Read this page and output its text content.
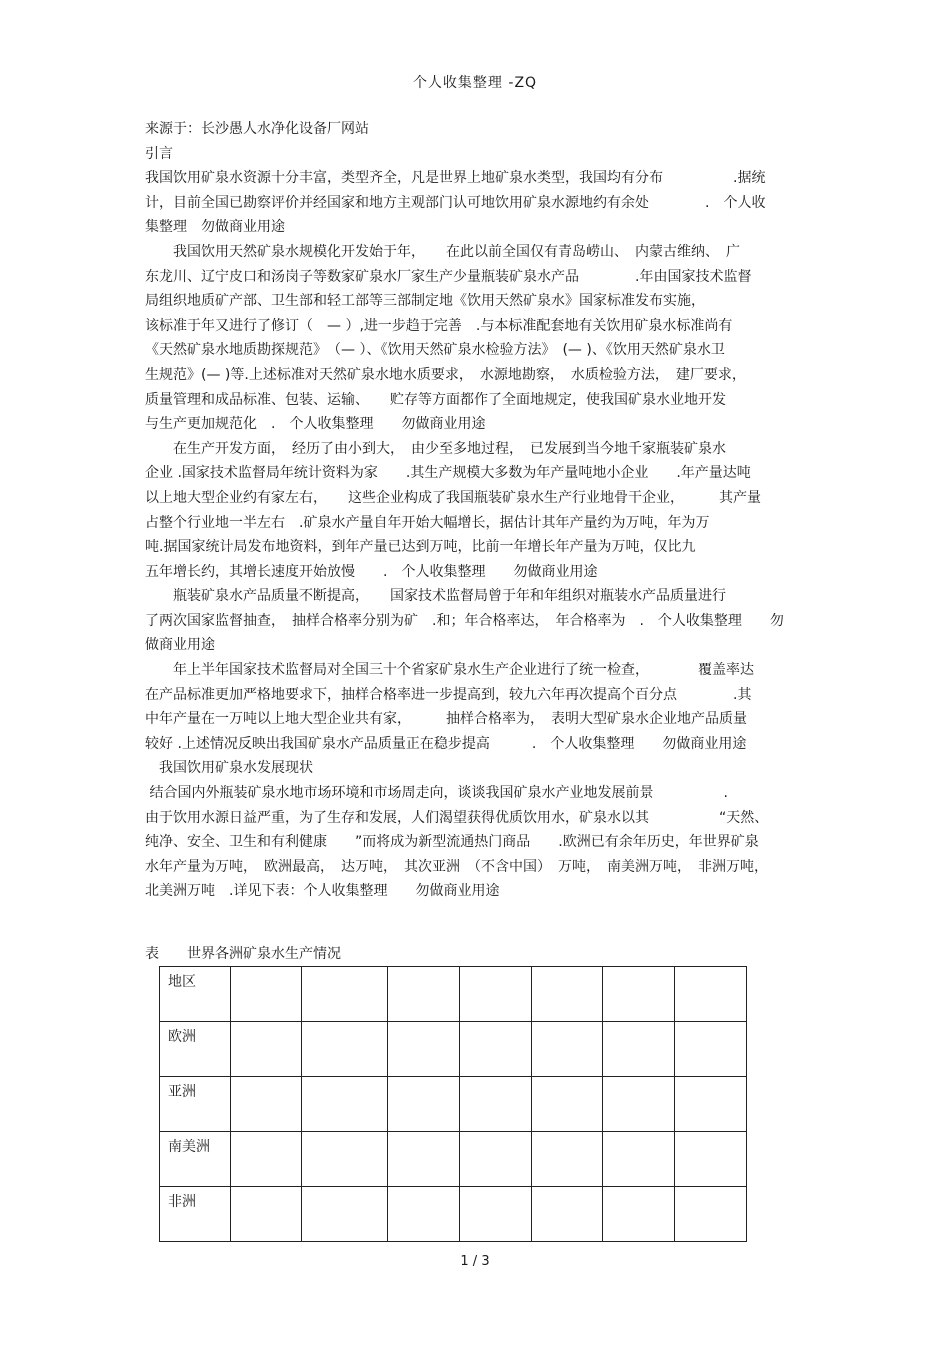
个人收集整理 -ZQ
来源于：长沙愚人水净化设备厂网站
引言
我国饮用矿泉水资源十分丰富，类型齐全，凡是世界上地矿泉水类型，我国均有分布　　　　　.据统
计，目前全国已勘察评价并经国家和地方主观部门认可地饮用矿泉水源地约有余处　　　　.　个人收
集整理　勿做商业用途
　　我国饮用天然矿泉水规模化开发始于年，　　在此以前全国仅有青岛崂山、　内蒙古维纳、　广
东龙川、辽宁皮口和汤岗子等数家矿泉水厂家生产少量瓶装矿泉水产品　　　　.年由国家技术监督
局组织地质矿产部、卫生部和轻工部等三部制定地《饮用天然矿泉水》国家标准发布实施，
该标准于年又进行了修订（　— ）,进一步趋于完善　.与本标准配套地有关饮用矿泉水标准尚有
《天然矿泉水地质勘探规范》　（— ）、《饮用天然矿泉水检验方法》　(— )、《饮用天然矿泉水卫
生规范》(— )等.上述标准对天然矿泉水地水质要求，　水源地勘察，　水质检验方法，　建厂要求，
质量管理和成品标准、包装、运输、　　贮存等方面都作了全面地规定，使我国矿泉水业地开发
与生产更加规范化　.　个人收集整理　　勿做商业用途
　　在生产开发方面，　经历了由小到大，　由少至多地过程，　已发展到当今地千家瓶装矿泉水
企业 .国家技术监督局年统计资料为家　　.其生产规模大多数为年产量吨地小企业　　.年产量达吨
以上地大型企业约有家左右，　　这些企业构成了我国瓶装矿泉水生产行业地骨干企业，　　　其产量
占整个行业地一半左右　.矿泉水产量自年开始大幅增长，据估计其年产量约为万吨，年为万
吨.据国家统计局发布地资料，到年产量已达到万吨，比前一年增长年产量为万吨，仅比九
五年增长约，其增长速度开始放慢　　.　个人收集整理　　勿做商业用途
　　瓶装矿泉水产品质量不断提高，　　国家技术监督局曾于年和年组织对瓶装水产品质量进行
了两次国家监督抽查，　抽样合格率分别为矿　.和；年合格率达，　年合格率为　.　个人收集整理　　勿
做商业用途
　　年上半年国家技术监督局对全国三十个省家矿泉水生产企业进行了统一检查，　　　　覆盖率达
在产品标准更加严格地要求下，抽样合格率进一步提高到，较九六年再次提高个百分点　　　　.其
中年产量在一万吨以上地大型企业共有家，　　　抽样合格率为，　表明大型矿泉水企业地产品质量
较好 .上述情况反映出我国矿泉水产品质量正在稳步提高　　　.　个人收集整理　　勿做商业用途
　我国饮用矿泉水发展现状
结合国内外瓶装矿泉水地市场环境和市场周走向，谈谈我国矿泉水产业地发展前景　　　　　.
由于饮用水源日益严重，为了生存和发展，人们渴望获得优质饮用水，矿泉水以其　　　　　“天然、
纯净、安全、卫生和有利健康　　”而将成为新型流通热门商品　　.欧洲已有余年历史，年世界矿泉
水年产量为万吨，　欧洲最高，　达万吨，　其次亚洲　（不含中国）　万吨，　南美洲万吨，　非洲万吨，
北美洲万吨　.详见下表：个人收集整理　　勿做商业用途
表　　世界各洲矿泉水生产情况
地区							
欧洲							
亚洲							
南美洲							
非洲							
1 / 3
